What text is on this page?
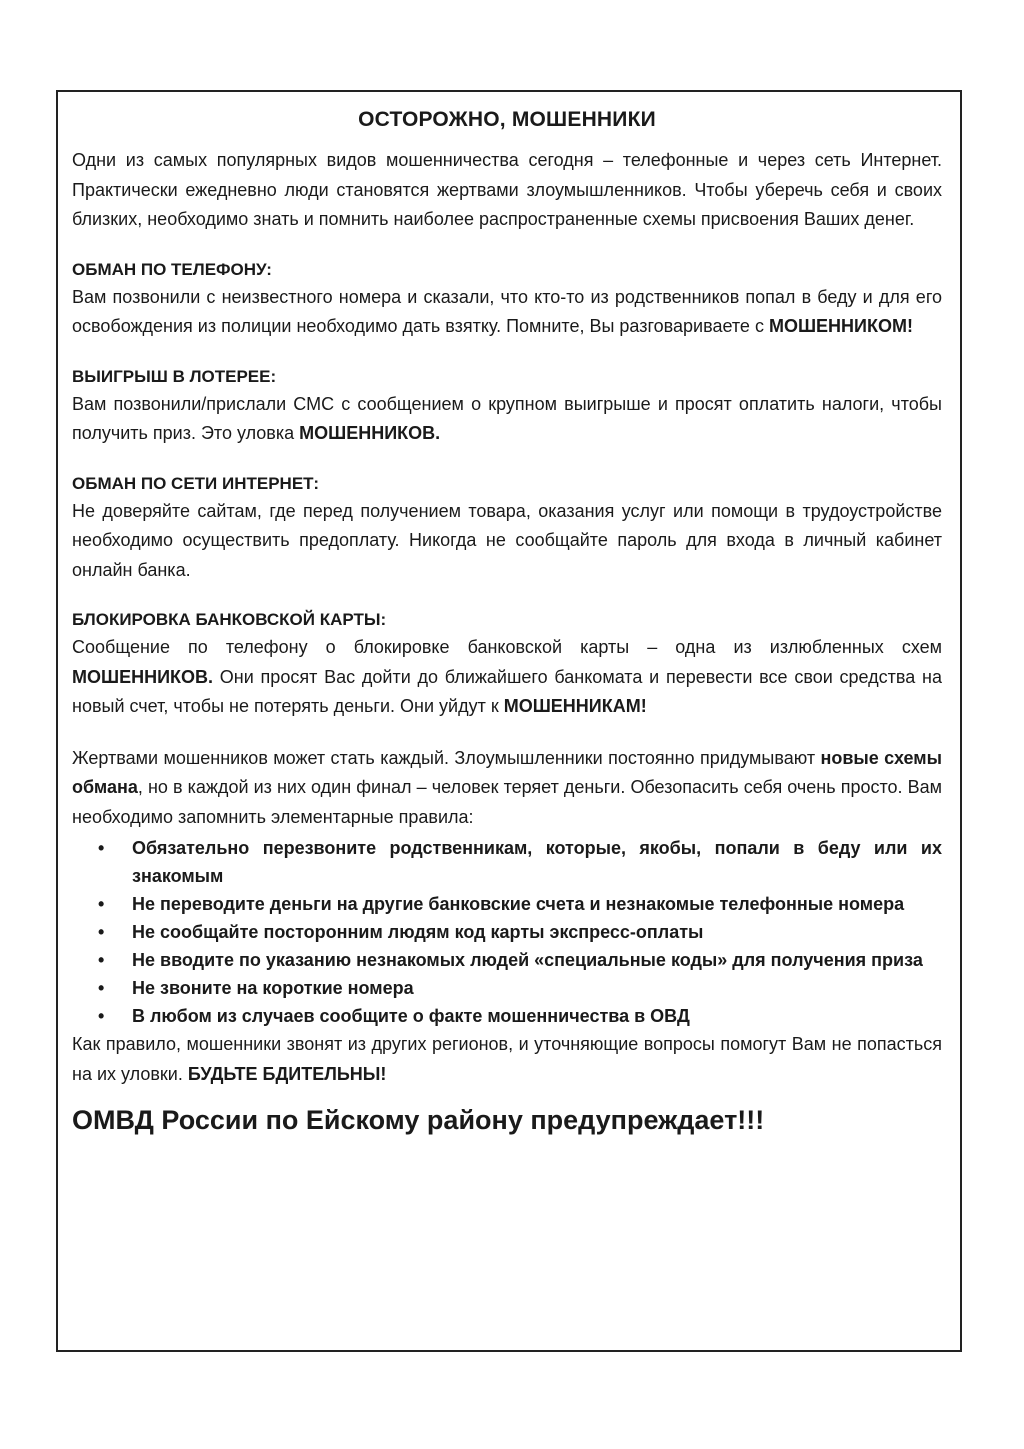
ОСТОРОЖНО, МОШЕННИКИ

Одни из самых популярных видов мошенничества сегодня – телефонные и через сеть Интернет. Практически ежедневно люди становятся жертвами злоумышленников. Чтобы уберечь себя и своих близких, необходимо знать и помнить наиболее распространенные схемы присвоения Ваших денег.

ОБМАН ПО ТЕЛЕФОНУ:

Вам позвонили с неизвестного номера и сказали, что кто-то из родственников попал в беду и для его освобождения из полиции необходимо дать взятку. Помните, Вы разговариваете с МОШЕННИКОМ!

ВЫИГРЫШ В ЛОТЕРЕЕ:

Вам позвонили/прислали СМС с сообщением о крупном выигрыше и просят оплатить налоги, чтобы получить приз. Это уловка МОШЕННИКОВ.

ОБМАН ПО СЕТИ ИНТЕРНЕТ:

Не доверяйте сайтам, где перед получением товара, оказания услуг или помощи в трудоустройстве необходимо осуществить предоплату. Никогда не сообщайте пароль для входа в личный кабинет онлайн банка.

БЛОКИРОВКА БАНКОВСКОЙ КАРТЫ:

Сообщение по телефону о блокировке банковской карты – одна из излюбленных схем МОШЕННИКОВ. Они просят Вас дойти до ближайшего банкомата и перевести все свои средства на новый счет, чтобы не потерять деньги. Они уйдут к МОШЕННИКАМ!

Жертвами мошенников может стать каждый. Злоумышленники постоянно придумывают новые схемы обмана, но в каждой из них один финал – человек теряет деньги. Обезопасить себя очень просто. Вам необходимо запомнить элементарные правила:

• Обязательно перезвоните родственникам, которые, якобы, попали в беду или их знакомым
• Не переводите деньги на другие банковские счета и незнакомые телефонные номера
• Не сообщайте посторонним людям код карты экспресс-оплаты
• Не вводите по указанию незнакомых людей «специальные коды» для получения приза
• Не звоните на короткие номера
• В любом из случаев сообщите о факте мошенничества в ОВД

Как правило, мошенники звонят из других регионов, и уточняющие вопросы помогут Вам не попасться на их уловки. БУДЬТЕ БДИТЕЛЬНЫ!

ОМВД России по Ейскому району предупреждает!!!
